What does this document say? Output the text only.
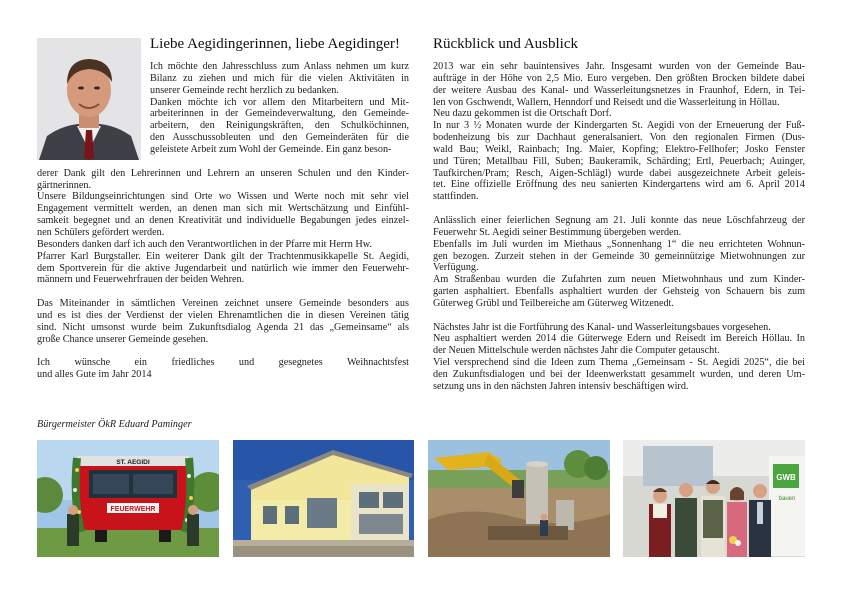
Liebe Aegidingerinnen, liebe Aegidinger!

Ich möchte den Jahresschluss zum Anlass nehmen um kurz

Bilanz zu ziehen und mich für die vielen Aktivitäten in

unserer Gemeinde recht herzlich zu bedanken.

Danken möchte ich vor allem den Mitarbeitern und Mit-

arbeiterinnen in der Gemeindeverwaltung, den Gemeinde-

arbeitern, den Reinigungskräften, den Schulköchinnen,

den Ausschussobleuten und den Gemeinderäten für die

geleistete Arbeit zum Wohl der Gemeinde. Ein ganz beson-

derer Dank gilt den Lehrerinnen und Lehrern an unseren Schulen und den Kinder-

gärtnerinnen.

Unsere Bildungseinrichtungen sind Orte wo Wissen und Werte noch mit sehr viel

Engagement vermittelt werden, an denen man sich mit Wertschätzung und Einfühl-

samkeit begegnet und an denen Kreativität und individuelle Begabungen jedes einzel-

nen Schülers gefördert werden.

Besonders danken darf ich auch den Verantwortlichen in der Pfarre mit Herrn Hw.

Pfarrer Karl Burgstaller. Ein weiterer Dank gilt der Trachtenmusikkapelle St. Aegidi,

dem Sportverein für die aktive Jugendarbeit und natürlich wie immer den Feuerwehr-

männern und Feuerwehrfrauen der beiden Wehren.

Das Miteinander in sämtlichen Vereinen zeichnet unsere Gemeinde besonders aus

und es ist dies der Verdienst der vielen Ehrenamtlichen die in diesen Vereinen tätig

sind. Nicht umsonst wurde beim Zukunftsdialog Agenda 21 das „Gemeinsame“ als

große Chance unserer Gemeinde gesehen.

Ich wünsche ein friedliches und gesegnetes Weihnachtsfest

und alles Gute im Jahr 2014

Bürgermeister ÖkR Eduard Paminger
Rückblick und Ausblick

2013 war ein sehr bauintensives Jahr. Insgesamt wurden von der Gemeinde Bau-

aufträge in der Höhe von 2,5 Mio. Euro vergeben. Den größten Brocken bildete dabei

der weitere Ausbau des Kanal- und Wasserleitungsnetzes in Fraunhof, Edern, in Tei-

len von Gschwendt, Wallern, Henndorf und Reisedt und die Wasserleitung in Höllau.

Neu dazu gekommen ist die Ortschaft Dorf.

In nur 3 ½ Monaten wurde der Kindergarten St. Aegidi von der Erneuerung der Fuß-

bodenheizung bis zur Dachhaut generalsaniert. Von den regionalen Firmen (Dus-

wald Bau; Weikl, Rainbach; Ing. Maier, Kopfing; Elektro-Fellhofer; Josko Fenster

und Türen; Metallbau Fill, Suben; Baukeramik, Schärding; Ertl, Peuerbach; Auinger,

Taufkirchen/Pram; Resch, Aigen-Schlägl) wurde dabei ausgezeichnete Arbeit geleis-

tet. Eine offizielle Eröffnung des neu sanierten Kindergartens wird am 6. April 2014

stattfinden.

Anlässlich einer feierlichen Segnung am 21. Juli konnte das neue Löschfahrzeug der

Feuerwehr St. Aegidi seiner Bestimmung übergeben werden.

Ebenfalls im Juli wurden im Miethaus „Sonnenhang 1“ die neu errichteten Wohnun-

gen bezogen. Zurzeit stehen in der Gemeinde 30 gemeinnützige Mietwohnungen zur

Verfügung.

Am Straßenbau wurden die Zufahrten zum neuen Mietwohnhaus und zum Kinder-

garten asphaltiert. Ebenfalls asphaltiert wurden der Gehsteig von Schauern bis zum

Güterweg Grübl und Teilbereiche am Güterweg Witzenedt.

Nächstes Jahr ist die Fortführung des Kanal- und Wasserleitungsbaues vorgesehen.

Neu asphaltiert werden 2014 die Güterwege Edern und Reisedt im Bereich Höllau. In

der Neuen Mittelschule werden nächstes Jahr die Computer getauscht.

Viel versprechend sind die Ideen zum Thema „Gemeinsam - St. Aegidi 2025“, die bei

den Zukunftsdialogen und bei der Ideenwerkstatt gesammelt wurden, und deren Um-

setzung uns in den nächsten Jahren intensiv beschäftigen wird.

ST. AEGIDI
FEUERWEHR
GWB
bauen
